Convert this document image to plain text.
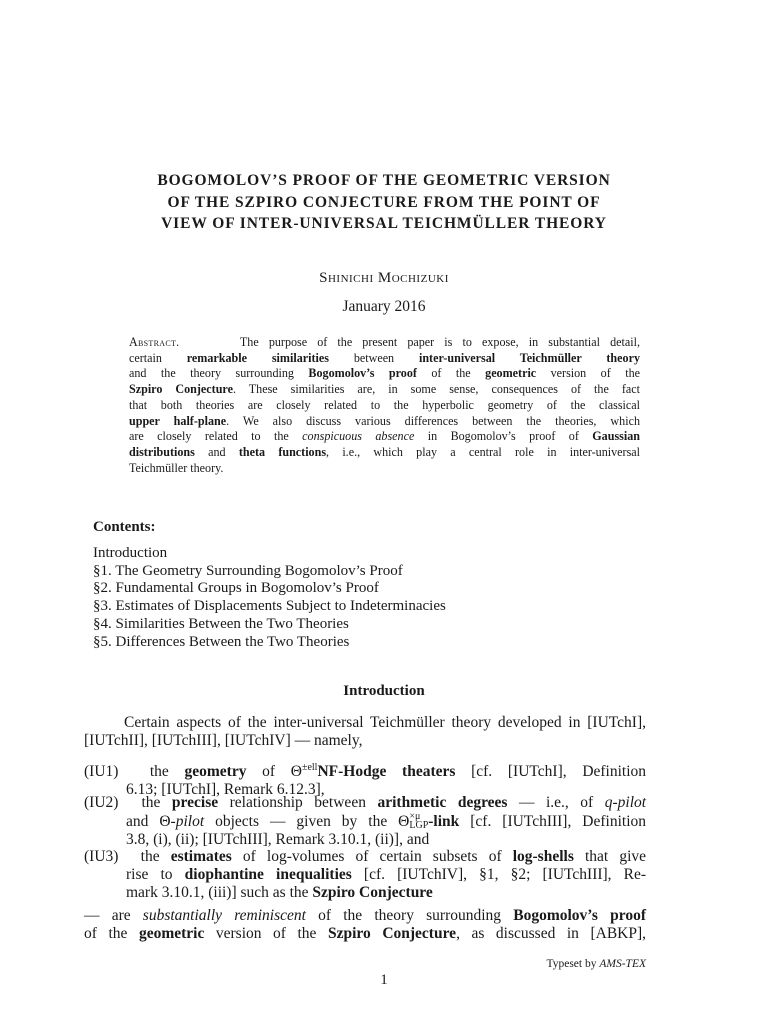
BOGOMOLOV’S PROOF OF THE GEOMETRIC VERSION
OF THE SZPIRO CONJECTURE FROM THE POINT OF
VIEW OF INTER-UNIVERSAL TEICHMÜLLER THEORY
Shinichi Mochizuki
January 2016
Abstract.	The purpose of the present paper is to expose, in substantial detail,
certain remarkable similarities between inter-universal Teichmüller theory
and the theory surrounding Bogomolov’s proof of the geometric version of the
Szpiro Conjecture. These similarities are, in some sense, consequences of the fact
that both theories are closely related to the hyperbolic geometry of the classical
upper half-plane. We also discuss various differences between the theories, which
are closely related to the conspicuous absence in Bogomolov’s proof of Gaussian
distributions and theta functions, i.e., which play a central role in inter-universal
Teichmüller theory.
Contents:
Introduction
§1. The Geometry Surrounding Bogomolov’s Proof
§2. Fundamental Groups in Bogomolov’s Proof
§3. Estimates of Displacements Subject to Indeterminacies
§4. Similarities Between the Two Theories
§5. Differences Between the Two Theories
Introduction
Certain aspects of the inter-universal Teichmüller theory developed in [IUTchI],
[IUTchII], [IUTchIII], [IUTchIV] — namely,
(IU1) the geometry of $\Theta^{\pm ell}NF$-Hodge theaters [cf. [IUTchI], Definition
6.13; [IUTchI], Remark 6.12.3],
(IU2) the precise relationship between arithmetic degrees — i.e., of q-pilot
and Θ-pilot objects — given by the Θ ×μ
LGP -link [cf. [IUTchIII], Definition
3.8, (i), (ii); [IUTchIII], Remark 3.10.1, (ii)], and
(IU3) the estimates of log-volumes of certain subsets of log-shells that give
rise to diophantine inequalities [cf. [IUTchIV], §1, §2; [IUTchIII], Re-
mark 3.10.1, (iii)] such as the Szpiro Conjecture
— are substantially reminiscent of the theory surrounding Bogomolov’s proof
of the geometric version of the Szpiro Conjecture, as discussed in [ABKP],
Typeset by AMS-TEX
1
